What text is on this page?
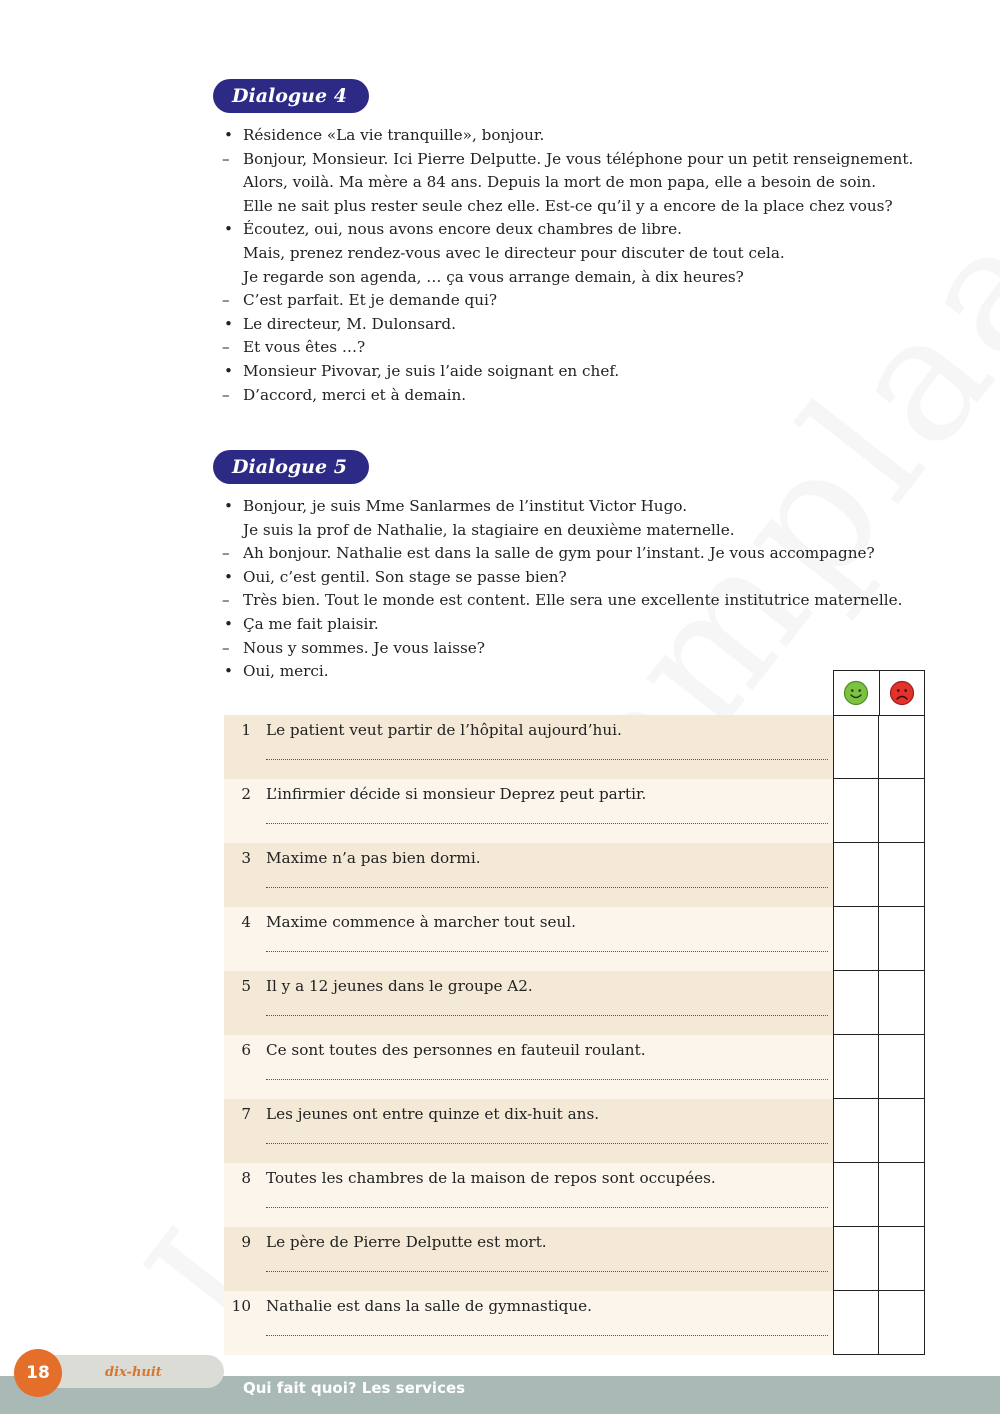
Dialogue 4
• Résidence «La vie tranquille», bonjour.
– Bonjour, Monsieur. Ici Pierre Delputte. Je vous téléphone pour un petit renseignement.
Alors, voilà. Ma mère a 84 ans. Depuis la mort de mon papa, elle a besoin de soin.
Elle ne sait plus rester seule chez elle. Est-ce qu’il y a encore de la place chez vous?
• Écoutez, oui, nous avons encore deux chambres de libre.
Mais, prenez rendez-vous avec le directeur pour discuter de tout cela.
Je regarde son agenda, … ça vous arrange demain, à dix heures?
– C’est parfait. Et je demande qui?
• Le directeur, M. Dulonsard.
– Et vous êtes …?
• Monsieur Pivovar, je suis l’aide soignant en chef.
– D’accord, merci et à demain.
Dialogue 5
• Bonjour, je suis Mme Sanlarmes de l’institut Victor Hugo.
Je suis la prof de Nathalie, la stagiaire en deuxième maternelle.
– Ah bonjour. Nathalie est dans la salle de gym pour l’instant. Je vous accompagne?
• Oui, c’est gentil. Son stage se passe bien?
– Très bien. Tout le monde est content. Elle sera une excellente institutrice maternelle.
• Ça me fait plaisir.
– Nous y sommes. Je vous laisse?
• Oui, merci.
1 Le patient veut partir de l’hôpital aujourd’hui.
2 L’infirmier décide si monsieur Deprez peut partir.
3 Maxime n’a pas bien dormi.
4 Maxime commence à marcher tout seul.
5 Il y a 12 jeunes dans le groupe A2.
6 Ce sont toutes des personnes en fauteuil roulant.
7 Les jeunes ont entre quinze et dix-huit ans.
8 Toutes les chambres de la maison de repos sont occupées.
9 Le père de Pierre Delputte est mort.
10 Nathalie est dans la salle de gymnastique.
18	dix-huit
Qui fait quoi? Les services
